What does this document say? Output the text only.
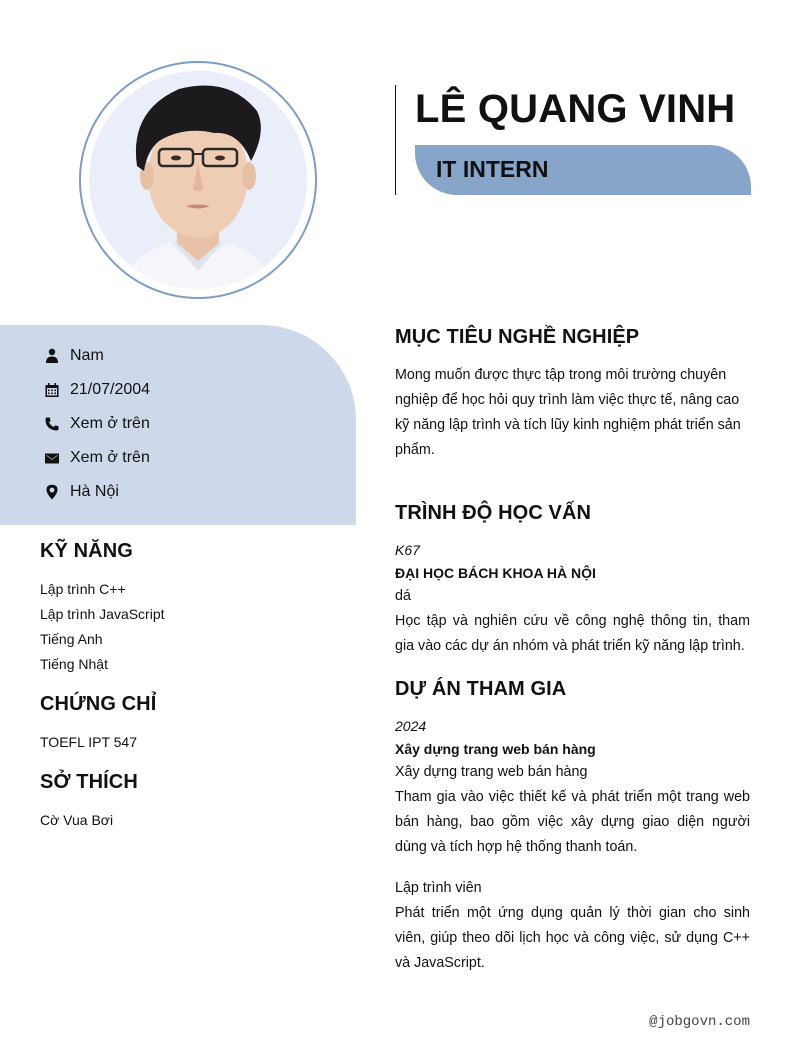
LÊ QUANG VINH
IT INTERN
Nam
21/07/2004
Xem ở trên
Xem ở trên
Hà Nội
KỸ NĂNG
Lập trình C++
Lập trình JavaScript
Tiếng Anh
Tiếng Nhật
CHỨNG CHỈ
TOEFL IPT 547
SỞ THÍCH
Cờ Vua Bơi
MỤC TIÊU NGHỀ NGHIỆP
Mong muốn được thực tập trong môi trường chuyên nghiệp để học hỏi quy trình làm việc thực tế, nâng cao kỹ năng lập trình và tích lũy kinh nghiệm phát triển sản phẩm.
TRÌNH ĐỘ HỌC VẤN
K67
ĐẠI HỌC BÁCH KHOA HÀ NỘI
dá
Học tập và nghiên cứu về công nghệ thông tin, tham gia vào các dự án nhóm và phát triển kỹ năng lập trình.
DỰ ÁN THAM GIA
2024
Xây dựng trang web bán hàng
Xây dựng trang web bán hàng
Tham gia vào việc thiết kế và phát triển một trang web bán hàng, bao gồm việc xây dựng giao diện người dùng và tích hợp hệ thống thanh toán.
Lập trình viên
Phát triển một ứng dụng quản lý thời gian cho sinh viên, giúp theo dõi lịch học và công việc, sử dụng C++ và JavaScript.
@jobgovn.com
